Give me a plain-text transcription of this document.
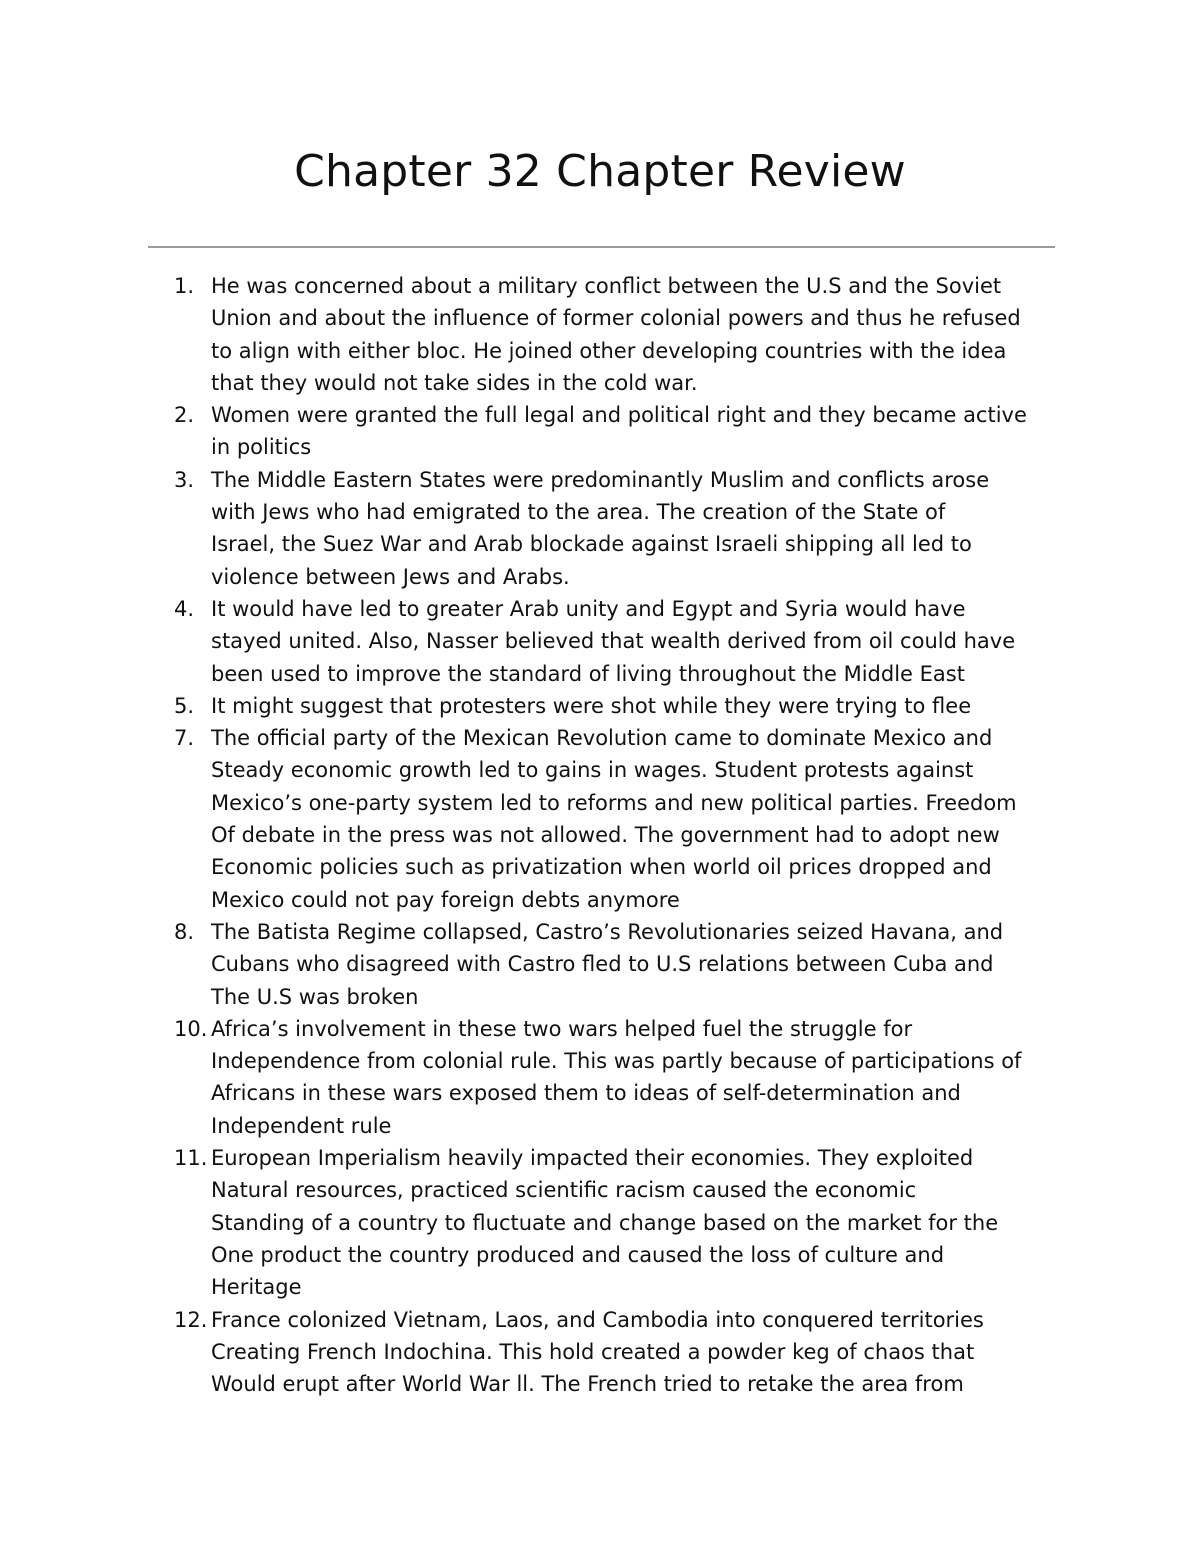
Chapter 32 Chapter Review
1. He was concerned about a military conflict between the U.S and the Soviet
Union and about the influence of former colonial powers and thus he refused
to align with either bloc. He joined other developing countries with the idea
that they would not take sides in the cold war.
2. Women were granted the full legal and political right and they became active
in politics
3. The Middle Eastern States were predominantly Muslim and conflicts arose
with Jews who had emigrated to the area. The creation of the State of
Israel, the Suez War and Arab blockade against Israeli shipping all led to
violence between Jews and Arabs.
4. It would have led to greater Arab unity and Egypt and Syria would have
stayed united. Also, Nasser believed that wealth derived from oil could have
been used to improve the standard of living throughout the Middle East
5. It might suggest that protesters were shot while they were trying to flee
7. The official party of the Mexican Revolution came to dominate Mexico and
Steady economic growth led to gains in wages. Student protests against
Mexico’s one-party system led to reforms and new political parties. Freedom
Of debate in the press was not allowed. The government had to adopt new
Economic policies such as privatization when world oil prices dropped and
Mexico could not pay foreign debts anymore
8. The Batista Regime collapsed, Castro’s Revolutionaries seized Havana, and
Cubans who disagreed with Castro fled to U.S relations between Cuba and
The U.S was broken
10. Africa’s involvement in these two wars helped fuel the struggle for
Independence from colonial rule. This was partly because of participations of
Africans in these wars exposed them to ideas of self-determination and
Independent rule
11. European Imperialism heavily impacted their economies. They exploited
Natural resources, practiced scientific racism caused the economic
Standing of a country to fluctuate and change based on the market for the
One product the country produced and caused the loss of culture and
Heritage
12. France colonized Vietnam, Laos, and Cambodia into conquered territories
Creating French Indochina. This hold created a powder keg of chaos that
Would erupt after World War ll. The French tried to retake the area from
